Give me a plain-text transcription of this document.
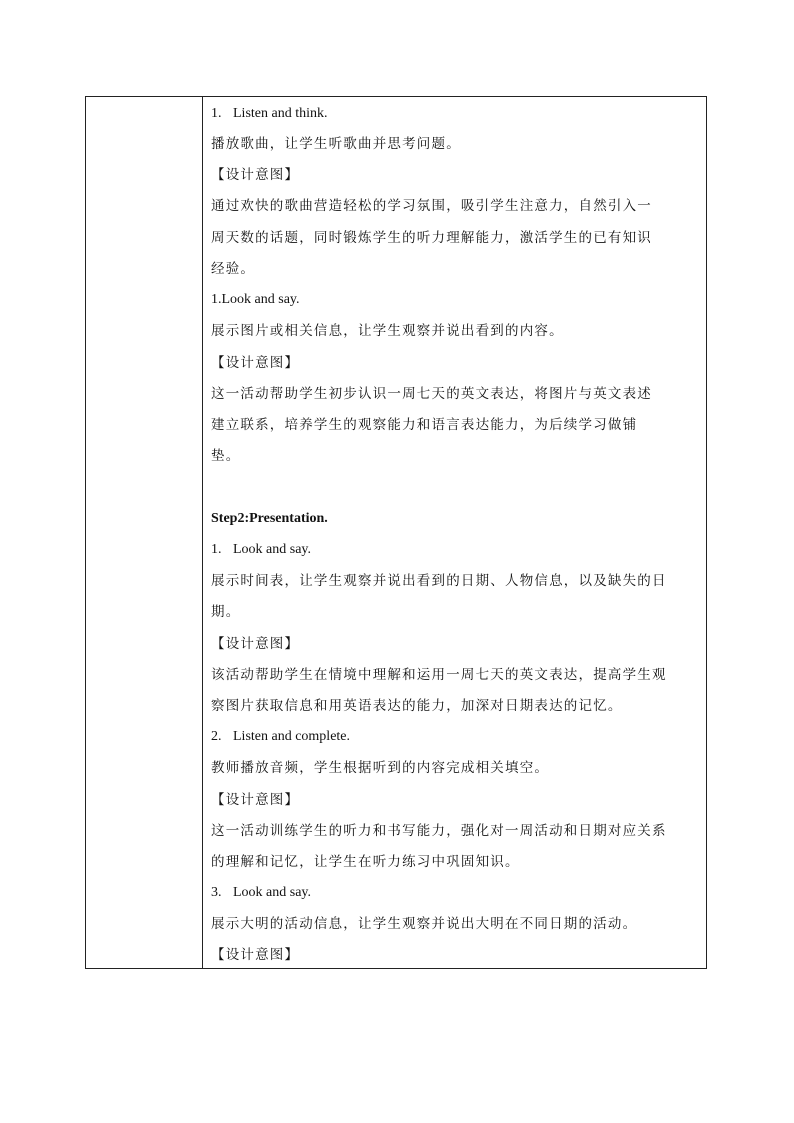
1. Listen and think.
播放歌曲，让学生听歌曲并思考问题。
【设计意图】
通过欢快的歌曲营造轻松的学习氛围，吸引学生注意力，自然引入一
周天数的话题，同时锻炼学生的听力理解能力，激活学生的已有知识
经验。
1.Look and say.
展示图片或相关信息，让学生观察并说出看到的内容。
【设计意图】
这一活动帮助学生初步认识一周七天的英文表达，将图片与英文表述
建立联系，培养学生的观察能力和语言表达能力，为后续学习做铺
垫。
Step2:Presentation.
1. Look and say.
展示时间表，让学生观察并说出看到的日期、人物信息，以及缺失的日
期。
【设计意图】
该活动帮助学生在情境中理解和运用一周七天的英文表达，提高学生观
察图片获取信息和用英语表达的能力，加深对日期表达的记忆。
2. Listen and complete.
教师播放音频，学生根据听到的内容完成相关填空。
【设计意图】
这一活动训练学生的听力和书写能力，强化对一周活动和日期对应关系
的理解和记忆，让学生在听力练习中巩固知识。
3. Look and say.
展示大明的活动信息，让学生观察并说出大明在不同日期的活动。
【设计意图】
